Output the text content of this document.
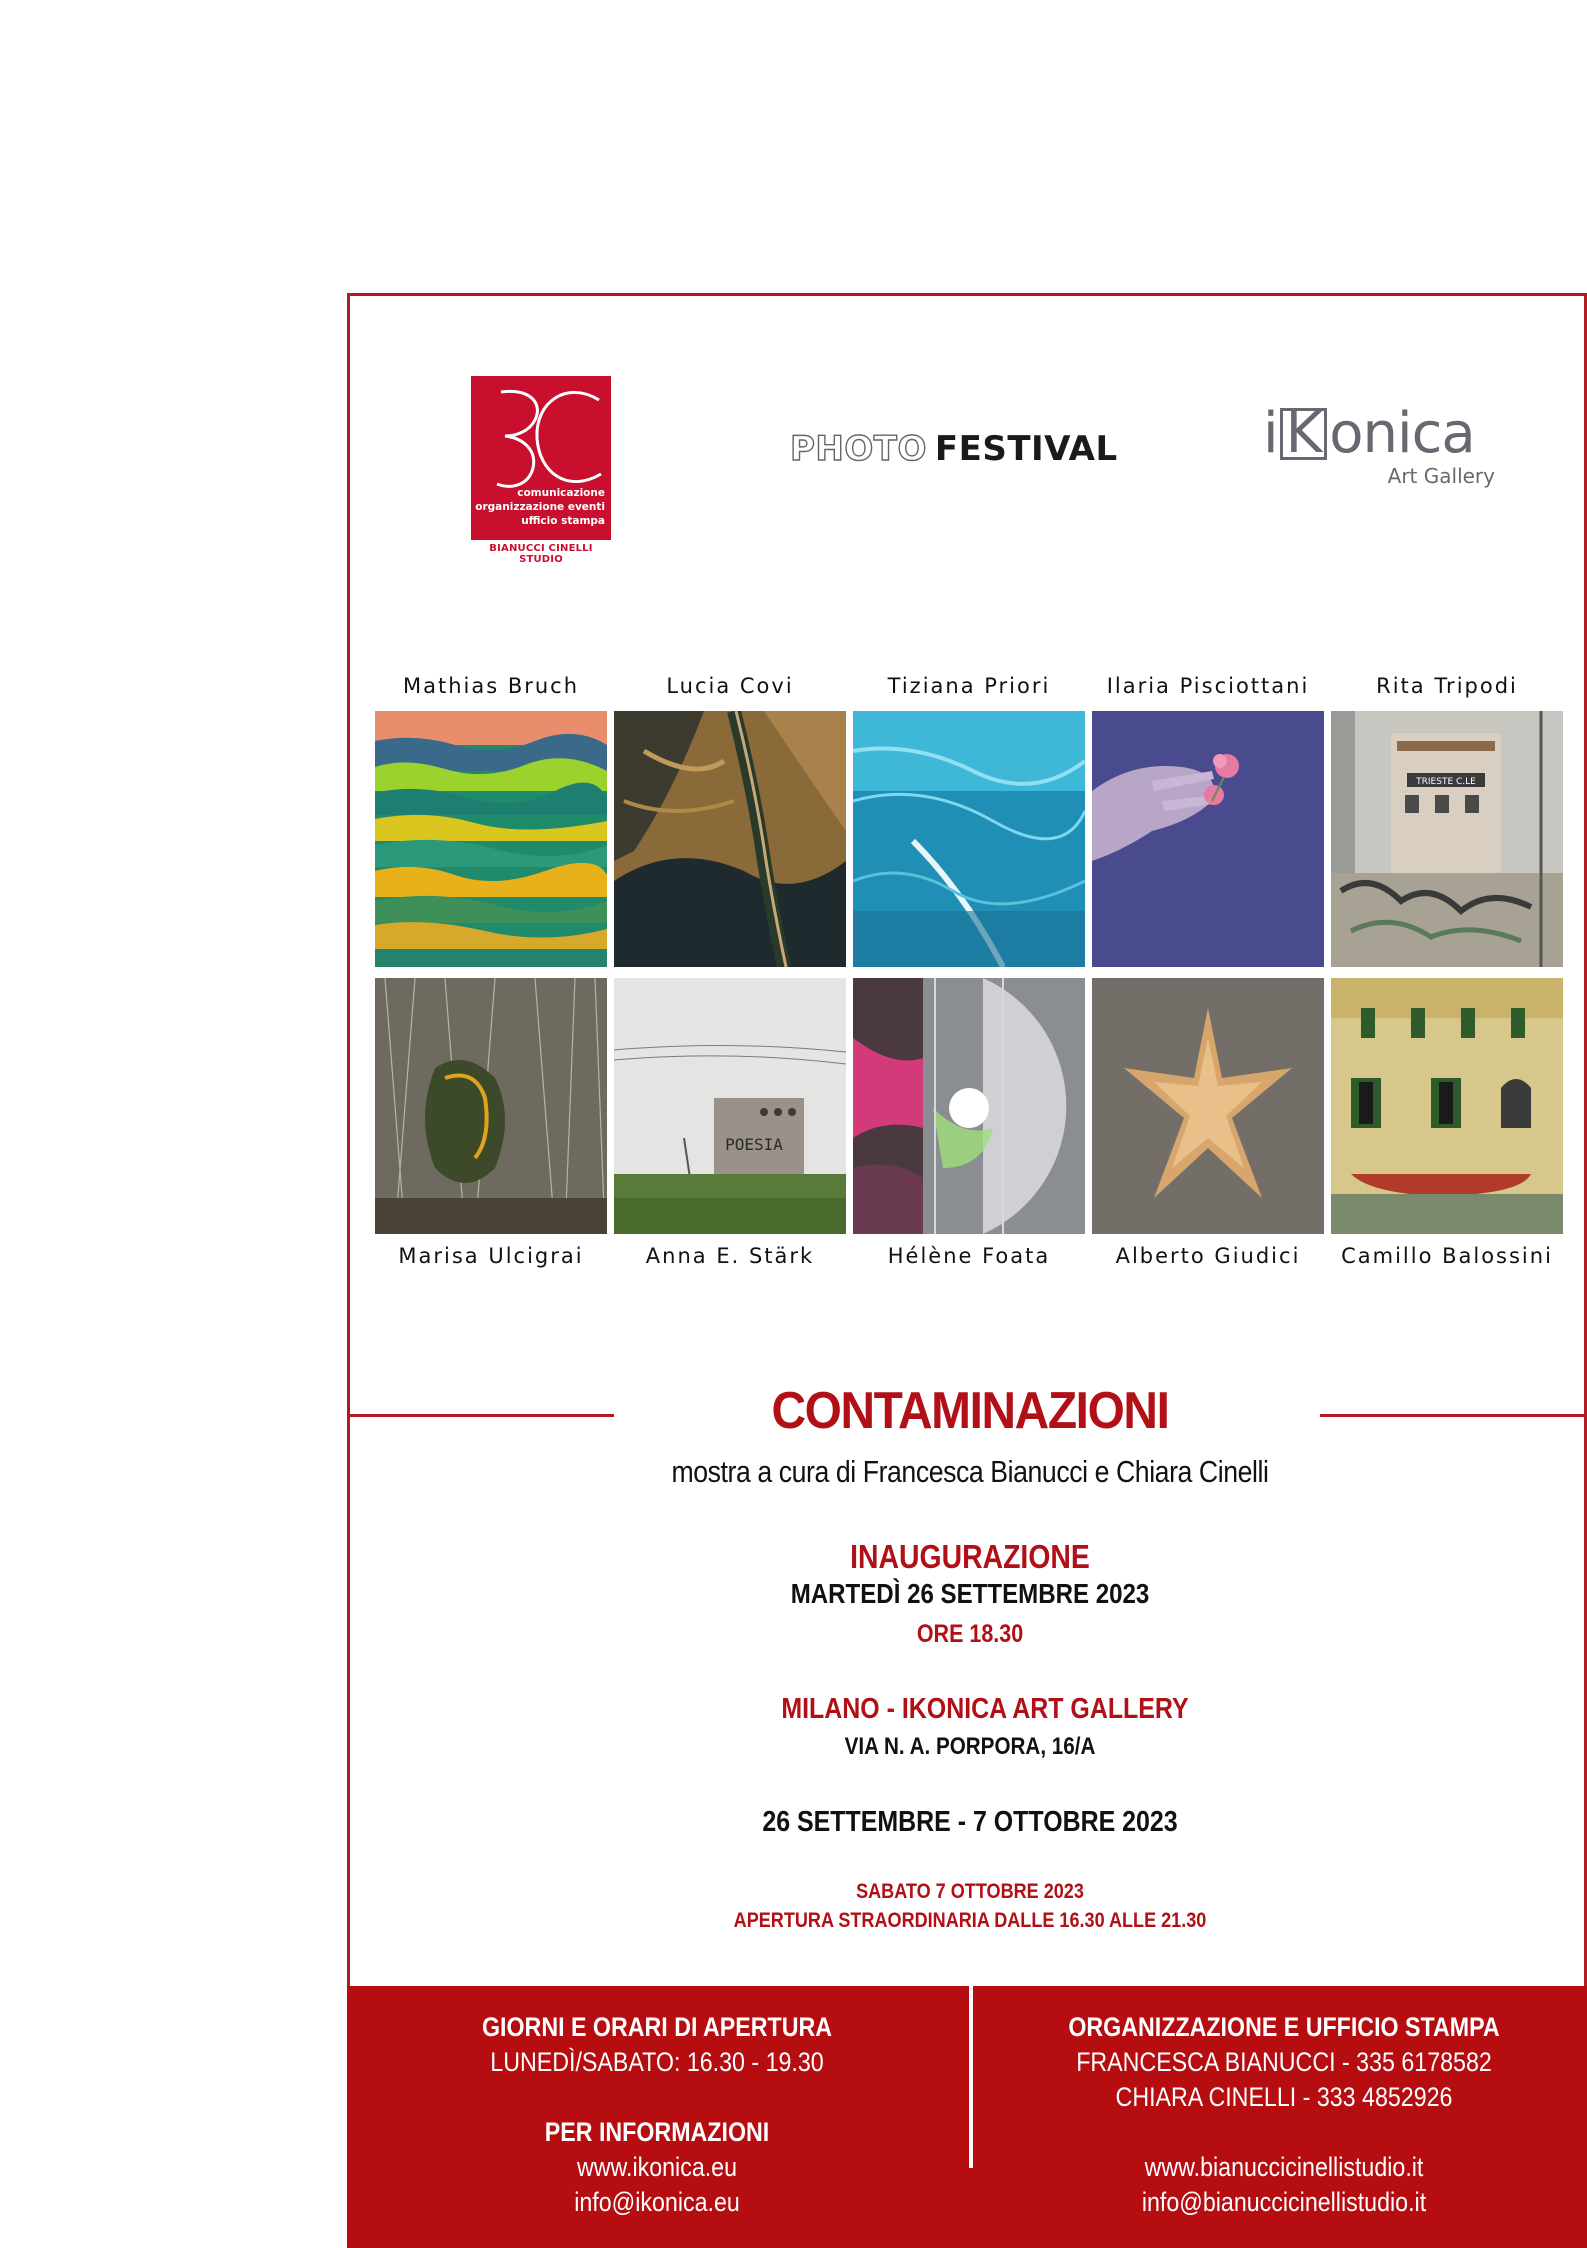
comunicazione
organizzazione eventi
ufficio stampa
BIANUCCI CINELLI STUDIO
PHOTO FESTIVAL	i K onica
Art Gallery
Mathias Bruch	Lucia Covi	Tiziana Priori	Ilaria Pisciottani	Rita Tripodi
TRIESTE C.LE
POESIA
Marisa Ulcigrai	Anna E. Stärk	Hélène Foata	Alberto Giudici	Camillo Balossini
CONTAMINAZIONI
mostra a cura di Francesca Bianucci e Chiara Cinelli
INAUGURAZIONE
MARTEDÌ 26 SETTEMBRE 2023
ORE 18.30
MILANO - IKONICA ART GALLERY
VIA N. A. PORPORA, 16/A
26 SETTEMBRE - 7 OTTOBRE 2023
SABATO 7 OTTOBRE 2023
APERTURA STRAORDINARIA DALLE 16.30 ALLE 21.30
GIORNI E ORARI DI APERTURA
LUNEDÌ/SABATO: 16.30 - 19.30
PER INFORMAZIONI
www.ikonica.eu
info@ikonica.eu
ORGANIZZAZIONE E UFFICIO STAMPA
FRANCESCA BIANUCCI - 335 6178582
CHIARA CINELLI - 333 4852926
www.bianuccicinellistudio.it
info@bianuccicinellistudio.it
